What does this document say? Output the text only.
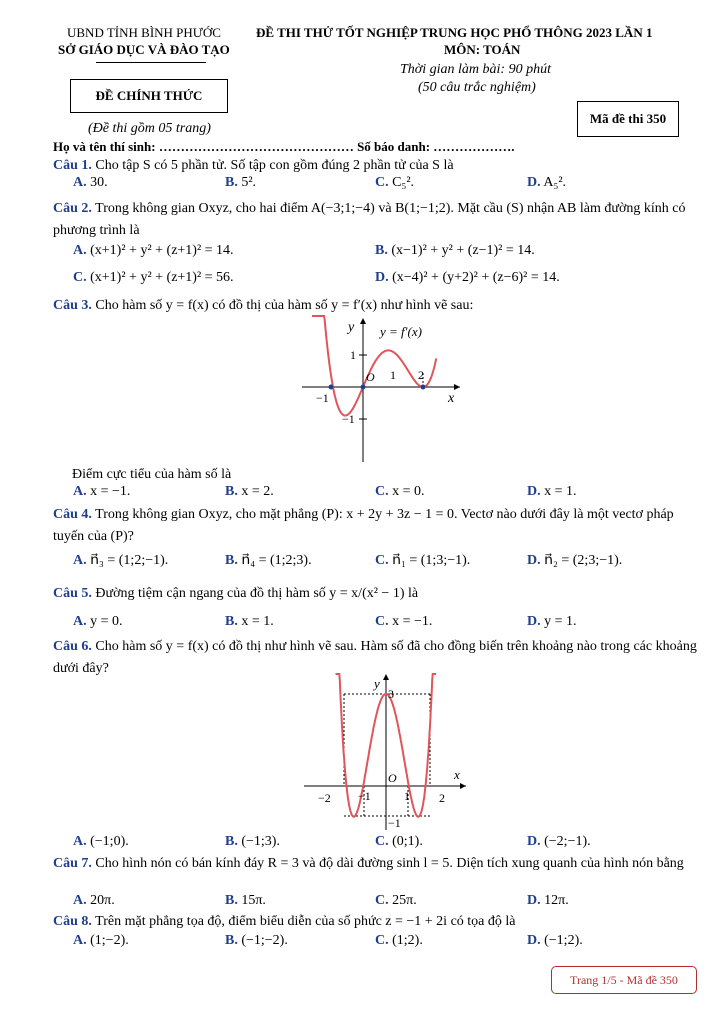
UBND TỈNH BÌNH PHƯỚC
SỞ GIÁO DỤC VÀ ĐÀO TẠO
ĐỀ THI THỬ TỐT NGHIỆP TRUNG HỌC PHỔ THÔNG 2023 LẦN 1
MÔN: TOÁN
Thời gian làm bài: 90 phút
(50 câu trắc nghiệm)
ĐỀ CHÍNH THỨC
Mã đề thi 350
(Đề thi gồm 05 trang)
Họ và tên thí sinh: ……………………………………… Số báo danh: ……………….
Câu 1. Cho tập S có 5 phần tử. Số tập con gồm đúng 2 phần tử của S là
A. 30.	B. 5².	C. C₅².	D. A₅².
Câu 2. Trong không gian Oxyz, cho hai điểm A(−3;1;−4) và B(1;−1;2). Mặt cầu (S) nhận AB làm đường kính có phương trình là
A. (x+1)² + y² + (z+1)² = 14.	B. (x−1)² + y² + (z−1)² = 14.
C. (x+1)² + y² + (z+1)² = 56.	D. (x−4)² + (y+2)² + (z−6)² = 14.
Câu 3. Cho hàm số y = f(x) có đồ thị của hàm số y = f′(x) như hình vẽ sau:
y y = f′(x)
x
O 1 2
−1
1
−1
Điểm cực tiểu của hàm số là
A. x = −1.	B. x = 2.	C. x = 0.	D. x = 1.
Câu 4. Trong không gian Oxyz, cho mặt phẳng (P): x + 2y + 3z − 1 = 0. Vectơ nào dưới đây là một vectơ pháp tuyến của (P)?
A. n⃗₃ = (1;2;−1).	B. n⃗₄ = (1;2;3).	C. n⃗₁ = (1;3;−1).	D. n⃗₂ = (2;3;−1).
Câu 5. Đường tiệm cận ngang của đồ thị hàm số y = x/(x² − 1) là
A. y = 0.	B. x = 1.	C. x = −1.	D. y = 1.
Câu 6. Cho hàm số y = f(x) có đồ thị như hình vẽ sau. Hàm số đã cho đồng biến trên khoảng nào trong các khoảng dưới đây?
y
3
x
O
−2 −1	1 2
−1
A. (−1;0).	B. (−1;3).	C. (0;1).	D. (−2;−1).
Câu 7. Cho hình nón có bán kính đáy R = 3 và độ dài đường sinh l = 5. Diện tích xung quanh của hình nón bằng
A. 20π.	B. 15π.	C. 25π.	D. 12π.
Câu 8. Trên mặt phẳng tọa độ, điểm biểu diễn của số phức z = −1 + 2i có tọa độ là
A. (1;−2).	B. (−1;−2).	C. (1;2).	D. (−1;2).
Trang 1/5 - Mã đề 350
